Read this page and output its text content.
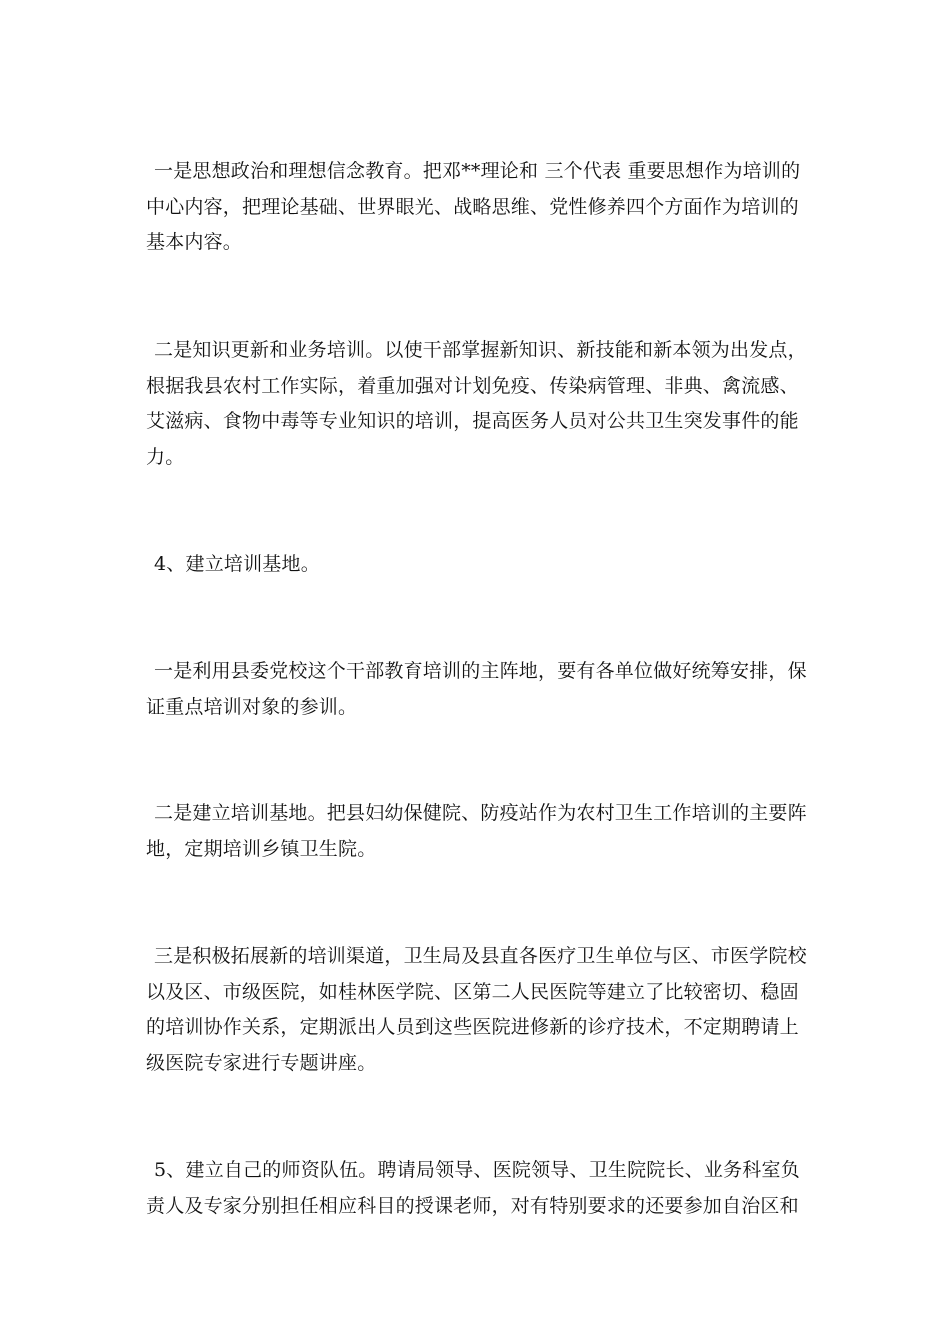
一是思想政治和理想信念教育。把邓**理论和 三个代表 重要思想作为培训的中心内容，把理论基础、世界眼光、战略思维、党性修养四个方面作为培训的基本内容。

二是知识更新和业务培训。以使干部掌握新知识、新技能和新本领为出发点，根据我县农村工作实际，着重加强对计划免疫、传染病管理、非典、禽流感、艾滋病、食物中毒等专业知识的培训，提高医务人员对公共卫生突发事件的能力。

4、建立培训基地。

一是利用县委党校这个干部教育培训的主阵地，要有各单位做好统筹安排，保证重点培训对象的参训。

二是建立培训基地。把县妇幼保健院、防疫站作为农村卫生工作培训的主要阵地，定期培训乡镇卫生院。

三是积极拓展新的培训渠道，卫生局及县直各医疗卫生单位与区、市医学院校以及区、市级医院，如桂林医学院、区第二人民医院等建立了比较密切、稳固的培训协作关系，定期派出人员到这些医院进修新的诊疗技术，不定期聘请上级医院专家进行专题讲座。

5、建立自己的师资队伍。聘请局领导、医院领导、卫生院院长、业务科室负责人及专家分别担任相应科目的授课老师，对有特别要求的还要参加自治区和
